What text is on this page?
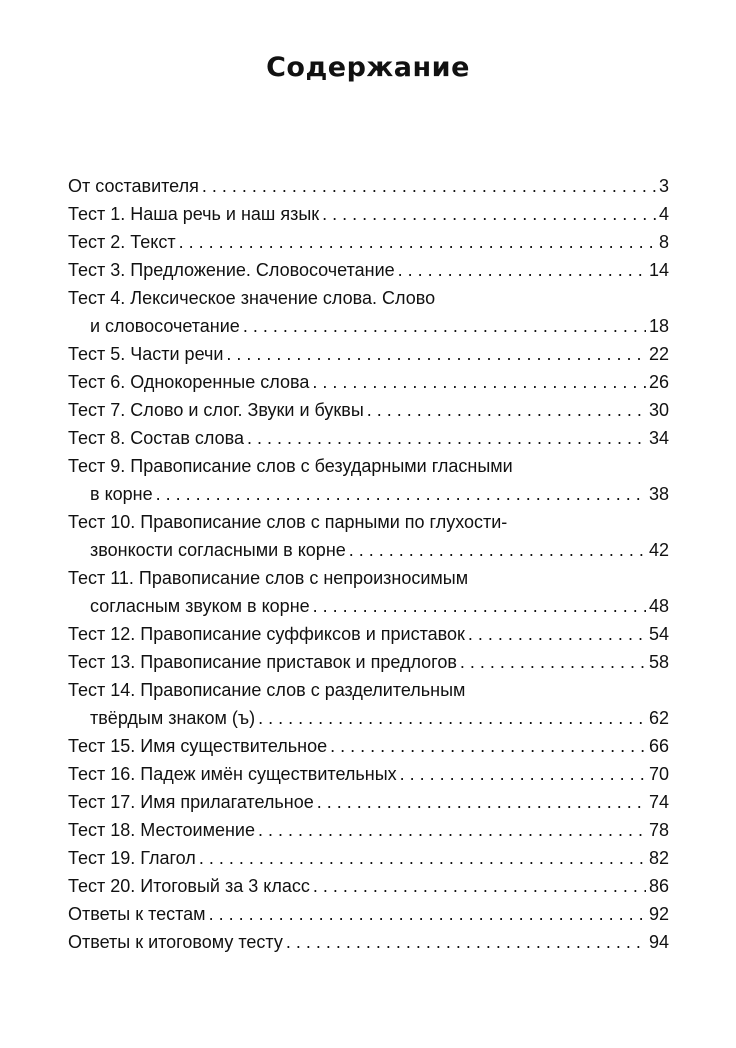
Содержание
От составителя . . .	3
Тест 1. Наша речь и наш язык . . .	4
Тест 2. Текст . . .	8
Тест 3. Предложение. Словосочетание . . .	14
Тест 4. Лексическое значение слова. Слово
и словосочетание . . .	18
Тест 5. Части речи . . .	22
Тест 6. Однокоренные слова . . .	26
Тест 7. Слово и слог. Звуки и буквы . . .	30
Тест 8. Состав слова . . .	34
Тест 9. Правописание слов с безударными гласными
в корне . . .	38
Тест 10. Правописание слов с парными по глухости-
звонкости согласными в корне . . .	42
Тест 11. Правописание слов с непроизносимым
согласным звуком в корне . . .	48
Тест 12. Правописание суффиксов и приставок . . .	54
Тест 13. Правописание приставок и предлогов . . .	58
Тест 14. Правописание слов с разделительным
твёрдым знаком (ъ) . . .	62
Тест 15. Имя существительное . . .	66
Тест 16. Падеж имён существительных . . .	70
Тест 17. Имя прилагательное . . .	74
Тест 18. Местоимение . . .	78
Тест 19. Глагол . . .	82
Тест 20. Итоговый за 3 класс . . .	86
Ответы к тестам . . .	92
Ответы к итоговому тесту . . .	94
